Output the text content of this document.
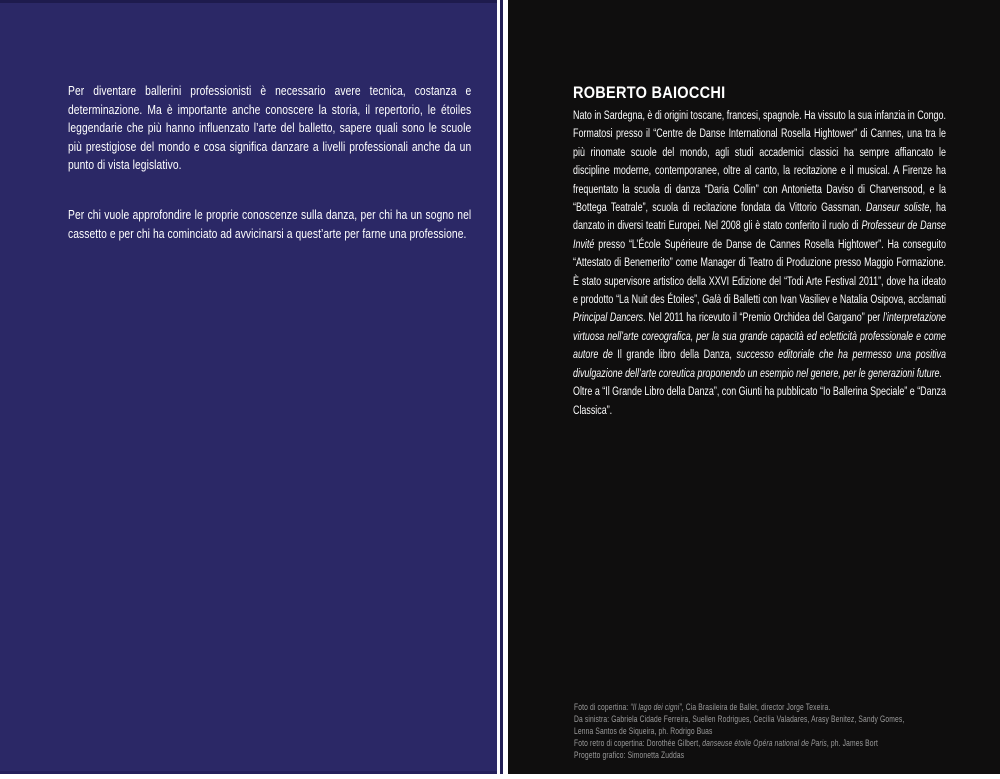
Per diventare ballerini professionisti è necessario avere tecnica, costanza e determinazione. Ma è importante anche conoscere la storia, il repertorio, le étoiles leggendarie che più hanno influenzato l’arte del balletto, sapere quali sono le scuole più prestigiose del mondo e cosa significa danzare a livelli professionali anche da un punto di vista legislativo.

Per chi vuole approfondire le proprie conoscenze sulla danza, per chi ha un sogno nel cassetto e per chi ha cominciato ad avvicinarsi a quest’arte per farne una professione.

ROBERTO BAIOCCHI

Nato in Sardegna, è di origini toscane, francesi, spagnole. Ha vissuto la sua infanzia in Congo. Formatosi presso il “Centre de Danse International Rosella Hightower” di Cannes, una tra le più rinomate scuole del mondo, agli studi accademici classici ha sempre affiancato le discipline moderne, contemporanee, oltre al canto, la recitazione e il musical. A Firenze ha frequentato la scuola di danza “Daria Collin” con Antonietta Daviso di Charvensood, e la “Bottega Teatrale”, scuola di recitazione fondata da Vittorio Gassman. Danseur soliste, ha danzato in diversi teatri Europei. Nel 2008 gli è stato conferito il ruolo di Professeur de Danse Invité presso “L’École Supérieure de Danse de Cannes Rosella Hightower”. Ha conseguito “Attestato di Benemerito” come Manager di Teatro di Produzione presso Maggio Formazione. È stato supervisore artistico della XXVI Edizione del “Todi Arte Festival 2011”, dove ha ideato e prodotto “La Nuit des Étoiles”, Galà di Balletti con Ivan Vasiliev e Natalia Osipova, acclamati Principal Dancers. Nel 2011 ha ricevuto il “Premio Orchidea del Gargano” per l’interpretazione virtuosa nell’arte coreografica, per la sua grande capacità ed ecletticità professionale e come autore de Il grande libro della Danza, successo editoriale che ha permesso una positiva divulgazione dell’arte coreutica proponendo un esempio nel genere, per le generazioni future.

Oltre a “Il Grande Libro della Danza”, con Giunti ha pubblicato “Io Ballerina Speciale” e “Danza Classica”.

Foto di copertina: “Il lago dei cigni”, Cia Brasileira de Ballet, director Jorge Texeira.
Da sinistra: Gabriela Cidade Ferreira, Suellen Rodrigues, Cecilia Valadares, Arasy Benitez, Sandy Gomes,
Lenna Santos de Siqueira, ph. Rodrigo Buas
Foto retro di copertina: Dorothée Gilbert, danseuse étoile Opéra national de Paris, ph. James Bort
Progetto grafico: Simonetta Zuddas
